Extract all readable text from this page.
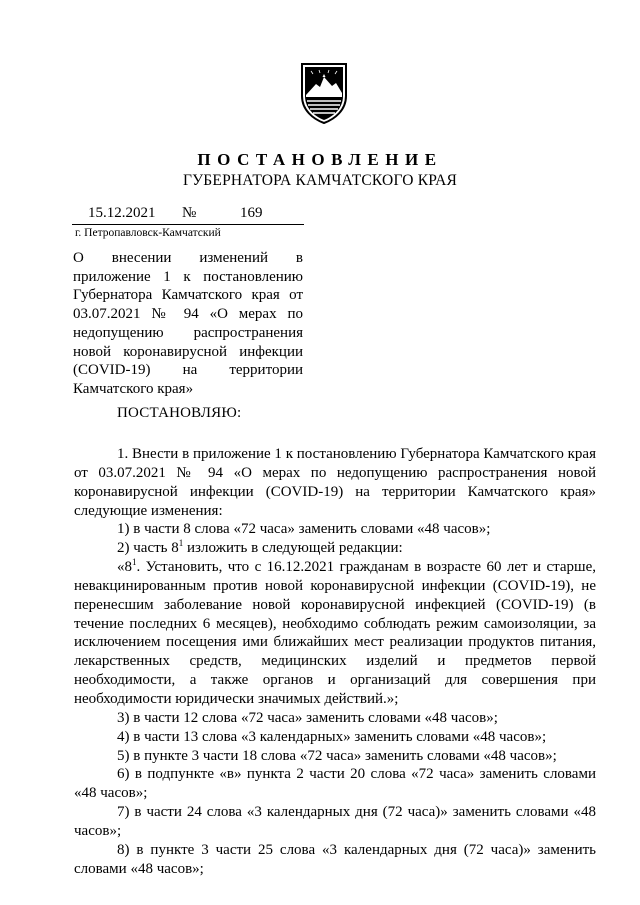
ПОСТАНОВЛЕНИЕ
ГУБЕРНАТОРА КАМЧАТСКОГО КРАЯ
15.12.2021 №	169
г. Петропавловск-Камчатский
О внесении изменений в приложение 1 к постановлению Губернатора Камчатского края от 03.07.2021 № 94 «О мерах по недопущению распространения новой коронавирусной инфекции (COVID-19) на территории Камчатского края»
ПОСТАНОВЛЯЮ:

1. Внести в приложение 1 к постановлению Губернатора Камчатского края от 03.07.2021 № 94 «О мерах по недопущению распространения новой коронавирусной инфекции (COVID-19) на территории Камчатского края» следующие изменения:

1) в части 8 слова «72 часа» заменить словами «48 часов»;

2) часть $8^1$ изложить в следующей редакции:

«$8^1$. Установить, что с 16.12.2021 гражданам в возрасте 60 лет и старше, невакцинированным против новой коронавирусной инфекции (COVID-19), не перенесшим заболевание новой коронавирусной инфекцией (COVID-19) (в течение последних 6 месяцев), необходимо соблюдать режим самоизоляции, за исключением посещения ими ближайших мест реализации продуктов питания, лекарственных средств, медицинских изделий и предметов первой необходимости, а также органов и организаций для совершения при необходимости юридически значимых действий.»;

3) в части 12 слова «72 часа» заменить словами «48 часов»;

4) в части 13 слова «3 календарных» заменить словами «48 часов»;

5) в пункте 3 части 18 слова «72 часа» заменить словами «48 часов»;

6) в подпункте «в» пункта 2 части 20 слова «72 часа» заменить словами «48 часов»;

7) в части 24 слова «3 календарных дня (72 часа)» заменить словами «48 часов»;

8) в пункте 3 части 25 слова «3 календарных дня (72 часа)» заменить словами «48 часов»;
